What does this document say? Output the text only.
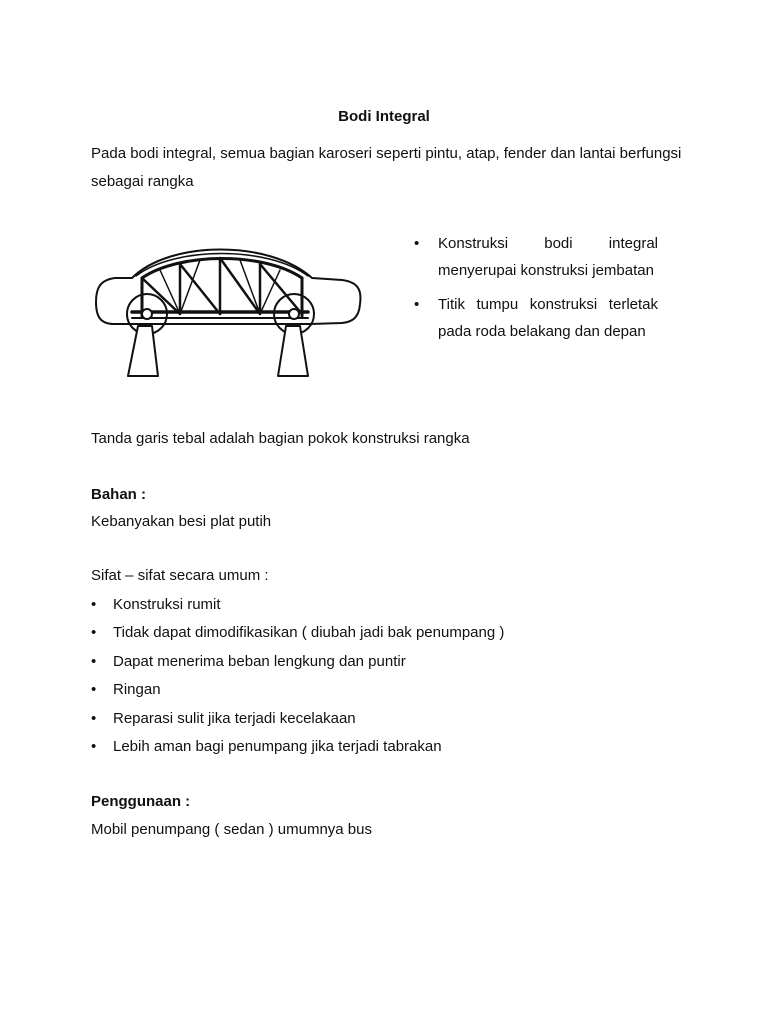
Bodi Integral
Pada bodi integral, semua bagian karoseri seperti pintu, atap, fender dan lantai berfungsi sebagai rangka
• Konstruksi bodi integral menyerupai konstruksi jembatan
• Titik tumpu konstruksi terletak pada roda belakang dan depan
Tanda garis tebal adalah bagian pokok konstruksi rangka
Bahan :
Kebanyakan besi plat putih
Sifat – sifat secara umum :
• Konstruksi rumit
• Tidak dapat dimodifikasikan ( diubah jadi bak penumpang )
• Dapat menerima beban lengkung dan puntir
• Ringan
• Reparasi sulit jika terjadi kecelakaan
• Lebih aman bagi penumpang jika terjadi tabrakan
Penggunaan :
Mobil penumpang ( sedan ) umumnya bus
